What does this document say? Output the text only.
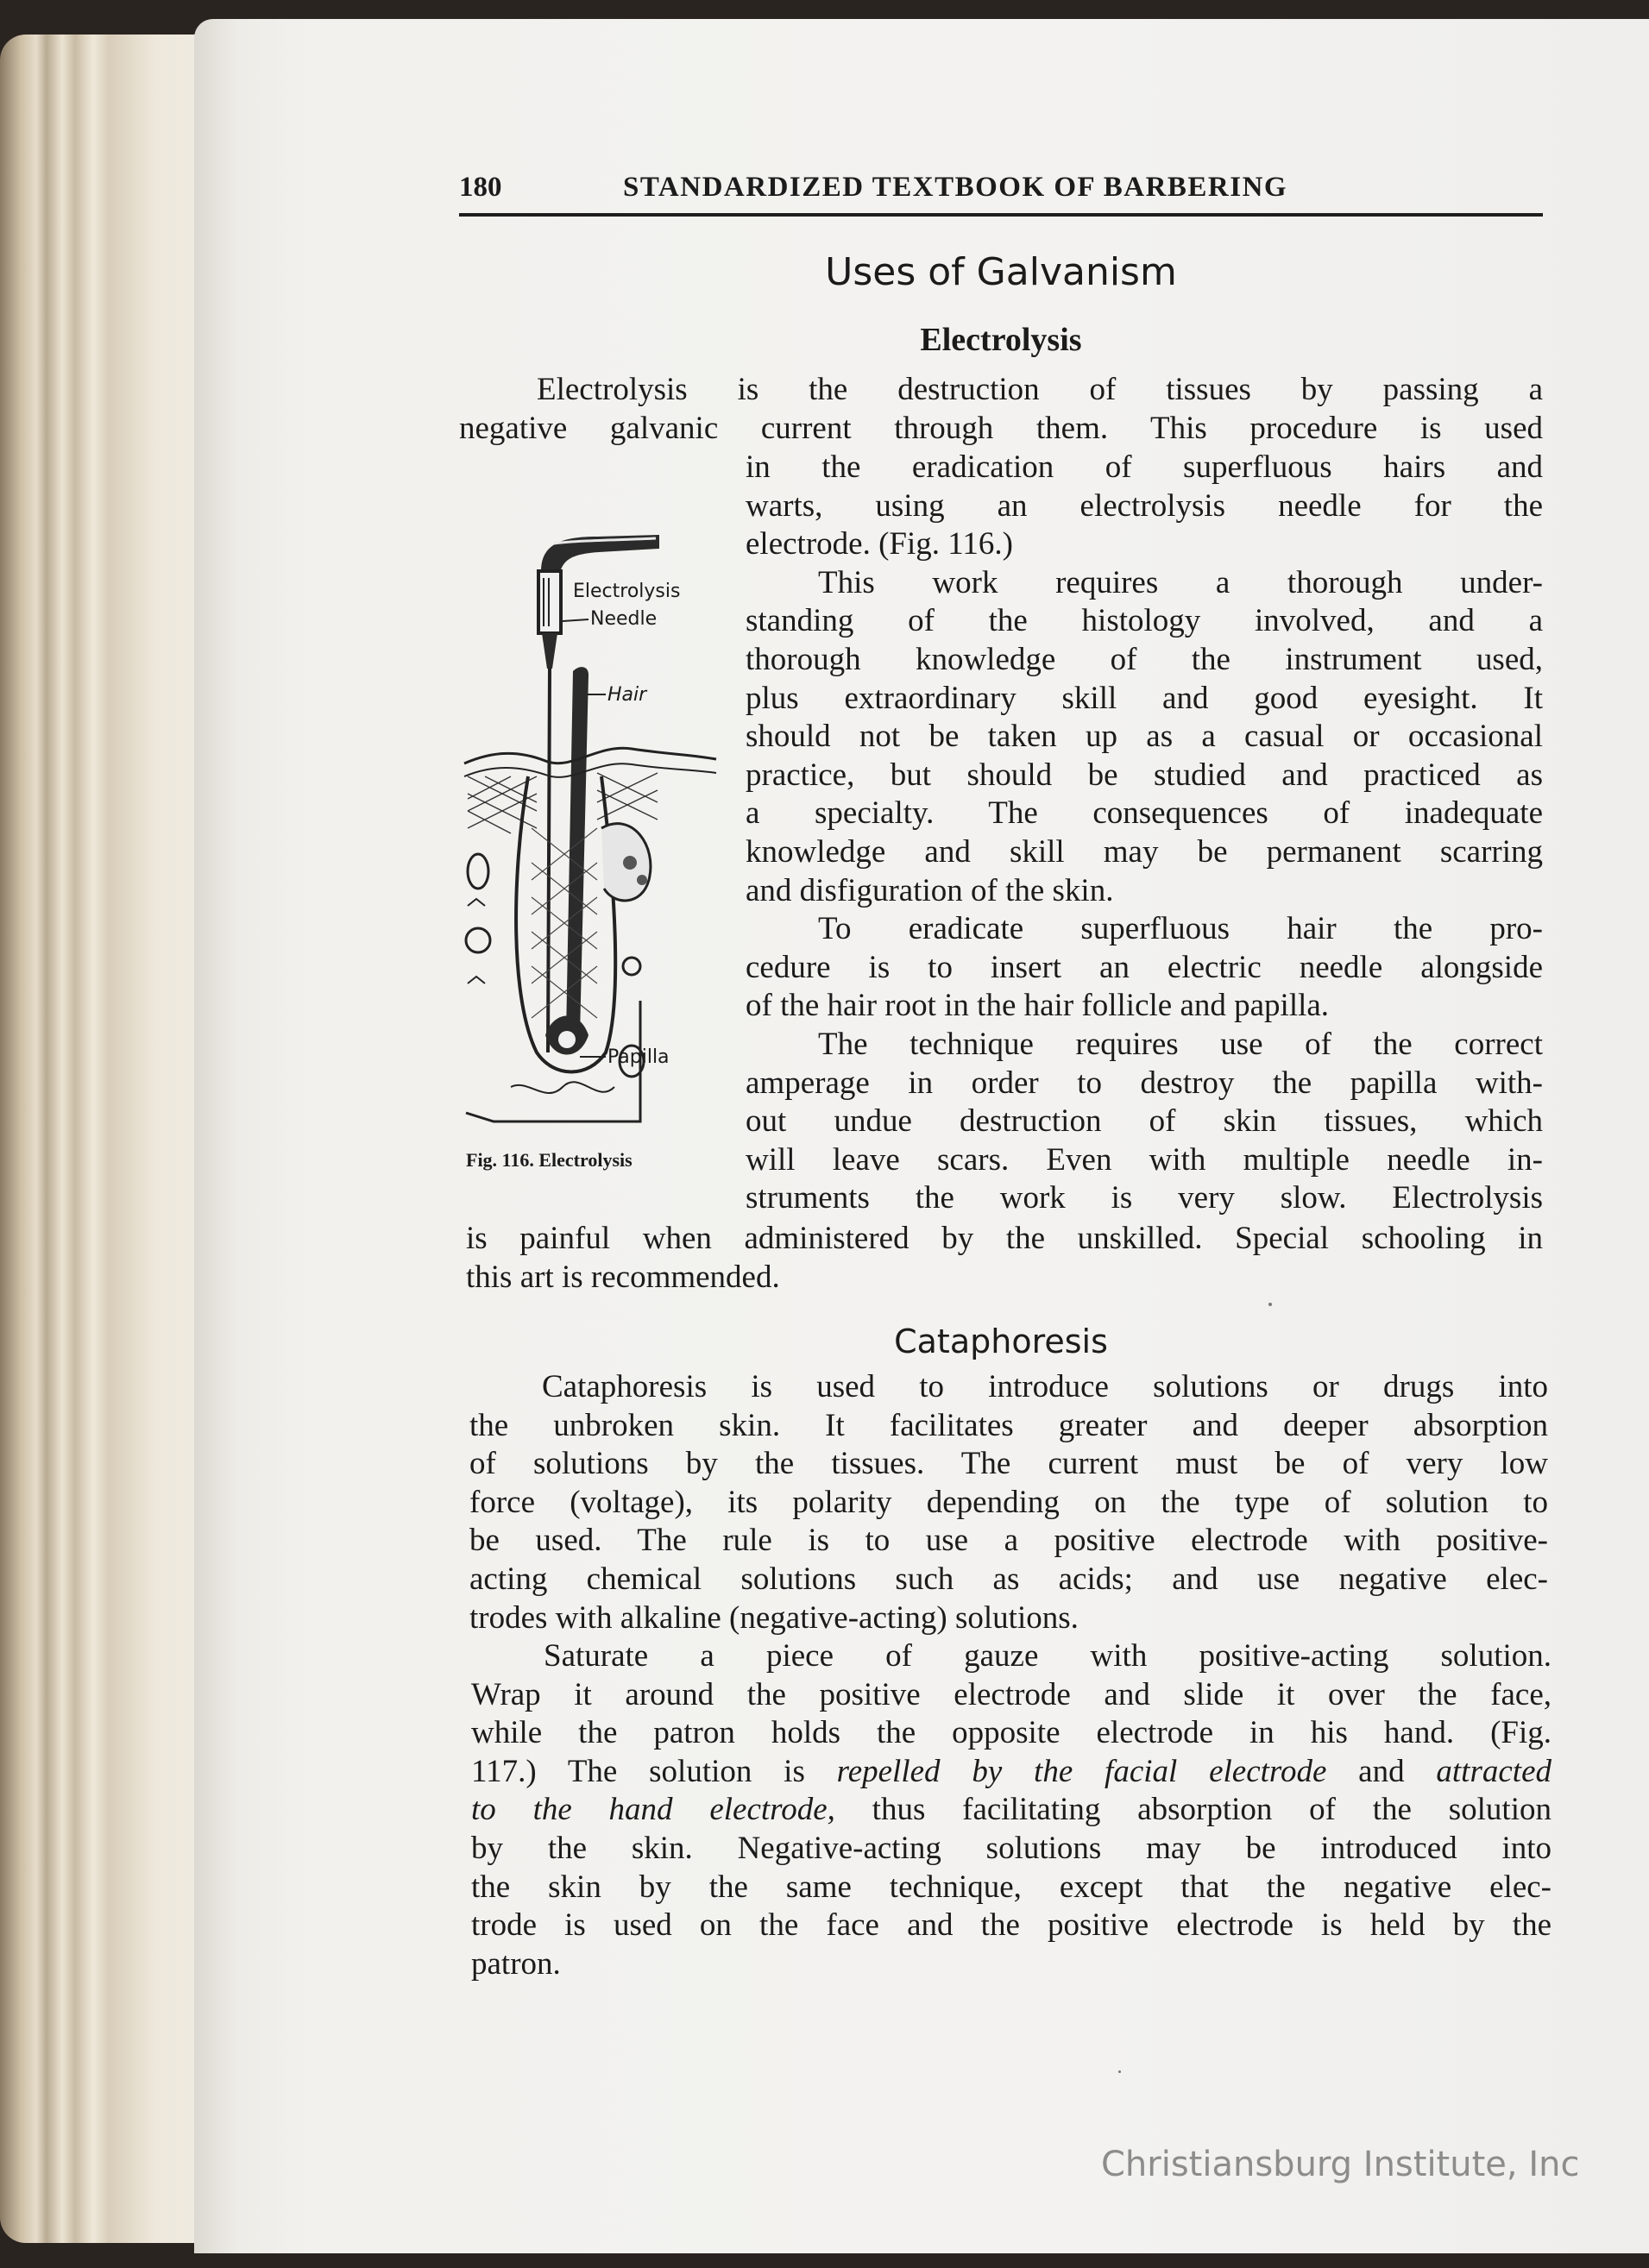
180	STANDARDIZED TEXTBOOK OF BARBERING
Uses of Galvanism
Electrolysis
Electrolysis is the destruction of tissues by passing a
negative galvanic current through them. This procedure is used
in the eradication of superfluous hairs and
warts, using an electrolysis needle for the
electrode. (Fig. 116.)
This work requires a thorough under-
standing of the histology involved, and a
thorough knowledge of the instrument used,
plus extraordinary skill and good eyesight. It
should not be taken up as a casual or occasional
practice, but should be studied and practiced as
a specialty. The consequences of inadequate
knowledge and skill may be permanent scarring
and disfiguration of the skin.
To eradicate superfluous hair the pro-
cedure is to insert an electric needle alongside
of the hair root in the hair follicle and papilla.
The technique requires use of the correct
amperage in order to destroy the papilla with-
out undue destruction of skin tissues, which
will leave scars. Even with multiple needle in-
struments the work is very slow. Electrolysis
is painful when administered by the unskilled. Special schooling in
this art is recommended.
Electrolysis
Needle
Hair
Papilla
Fig. 116. Electrolysis
Cataphoresis
Cataphoresis is used to introduce solutions or drugs into
the unbroken skin. It facilitates greater and deeper absorption
of solutions by the tissues. The current must be of very low
force (voltage), its polarity depending on the type of solution to
be used. The rule is to use a positive electrode with positive-
acting chemical solutions such as acids; and use negative elec-
trodes with alkaline (negative-acting) solutions.
Saturate a piece of gauze with positive-acting solution.
Wrap it around the positive electrode and slide it over the face,
while the patron holds the opposite electrode in his hand. (Fig.
117.) The solution is repelled by the facial electrode and attracted
to the hand electrode, thus facilitating absorption of the solution
by the skin. Negative-acting solutions may be introduced into
the skin by the same technique, except that the negative elec-
trode is used on the face and the positive electrode is held by the
patron.
Christiansburg Institute, Inc
